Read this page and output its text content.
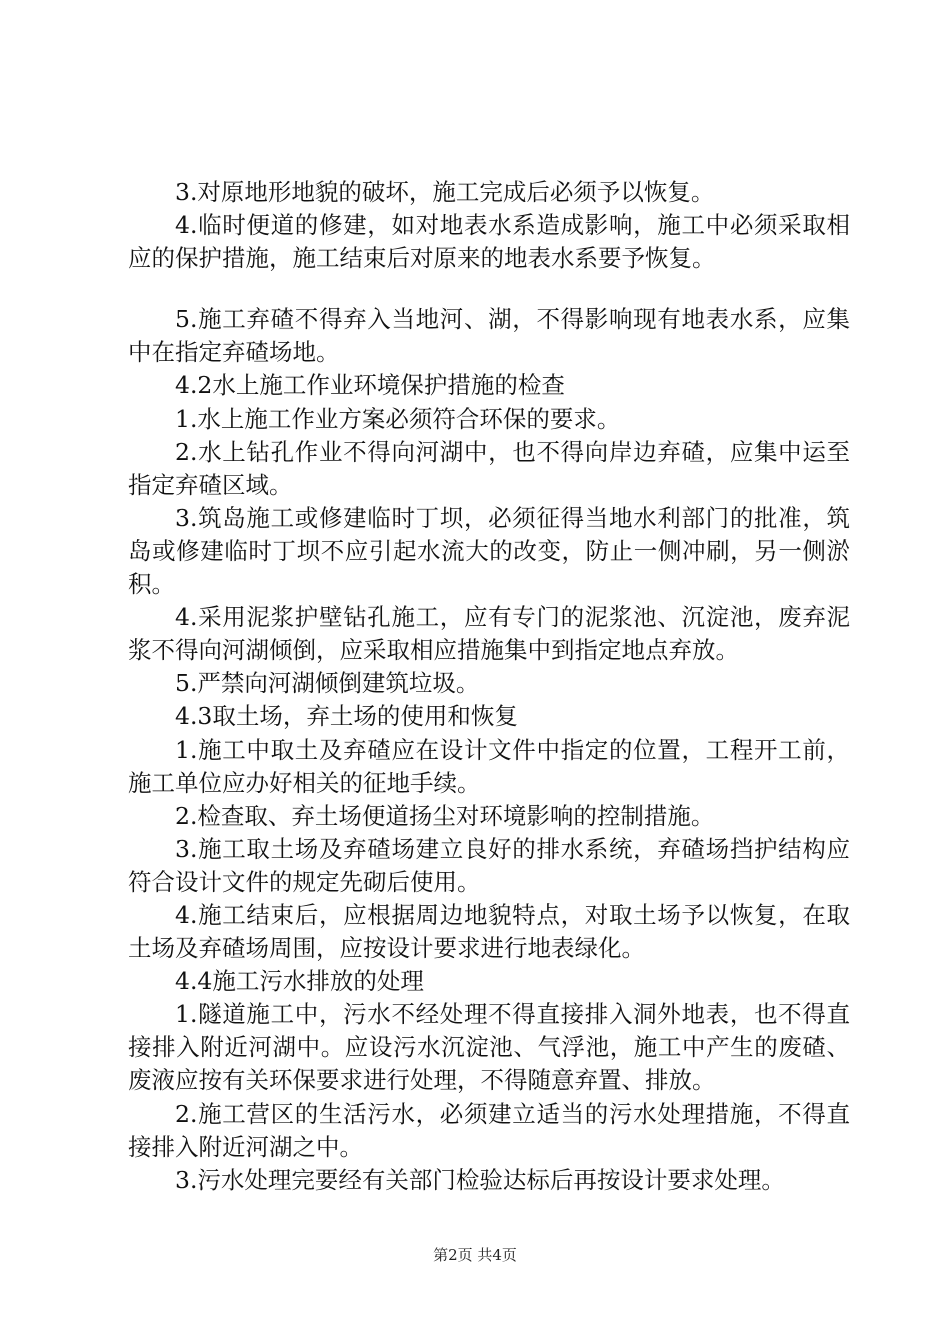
3.对原地形地貌的破坏，施工完成后必须予以恢复。

4.临时便道的修建，如对地表水系造成影响，施工中必须采取相应的保护措施，施工结束后对原来的地表水系要予恢复。

5.施工弃碴不得弃入当地河、湖，不得影响现有地表水系，应集中在指定弃碴场地。

4.2水上施工作业环境保护措施的检查

1.水上施工作业方案必须符合环保的要求。

2.水上钻孔作业不得向河湖中，也不得向岸边弃碴，应集中运至指定弃碴区域。

3.筑岛施工或修建临时丁坝，必须征得当地水利部门的批准，筑岛或修建临时丁坝不应引起水流大的改变，防止一侧冲刷，另一侧淤积。

4.采用泥浆护壁钻孔施工，应有专门的泥浆池、沉淀池，废弃泥浆不得向河湖倾倒，应采取相应措施集中到指定地点弃放。

5.严禁向河湖倾倒建筑垃圾。

4.3取土场，弃土场的使用和恢复

1.施工中取土及弃碴应在设计文件中指定的位置，工程开工前，施工单位应办好相关的征地手续。

2.检查取、弃土场便道扬尘对环境影响的控制措施。

3.施工取土场及弃碴场建立良好的排水系统，弃碴场挡护结构应符合设计文件的规定先砌后使用。

4.施工结束后，应根据周边地貌特点，对取土场予以恢复，在取土场及弃碴场周围，应按设计要求进行地表绿化。

4.4施工污水排放的处理

1.隧道施工中，污水不经处理不得直接排入洞外地表，也不得直接排入附近河湖中。应设污水沉淀池、气浮池，施工中产生的废碴、废液应按有关环保要求进行处理，不得随意弃置、排放。

2.施工营区的生活污水，必须建立适当的污水处理措施，不得直接排入附近河湖之中。

3.污水处理完要经有关部门检验达标后再按设计要求处理。

第2页 共4页
